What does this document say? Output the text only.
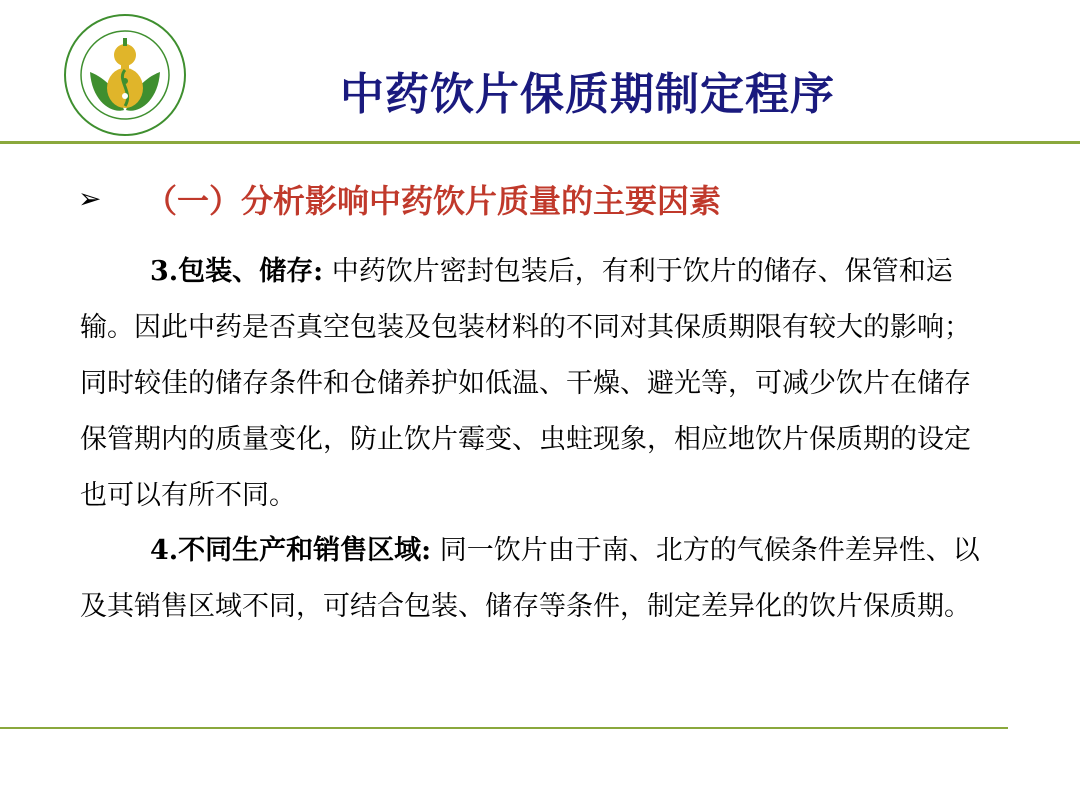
中药饮片保质期制定程序
➢ （一）分析影响中药饮片质量的主要因素
3.包装、储存: 中药饮片密封包装后，有利于饮片的储存、保管和运输。因此中药是否真空包装及包装材料的不同对其保质期限有较大的影响；同时较佳的储存条件和仓储养护如低温、干燥、避光等，可减少饮片在储存保管期内的质量变化，防止饮片霉变、虫蛀现象，相应地饮片保质期的设定也可以有所不同。
4.不同生产和销售区域: 同一饮片由于南、北方的气候条件差异性、以及其销售区域不同，可结合包装、储存等条件，制定差异化的饮片保质期。
